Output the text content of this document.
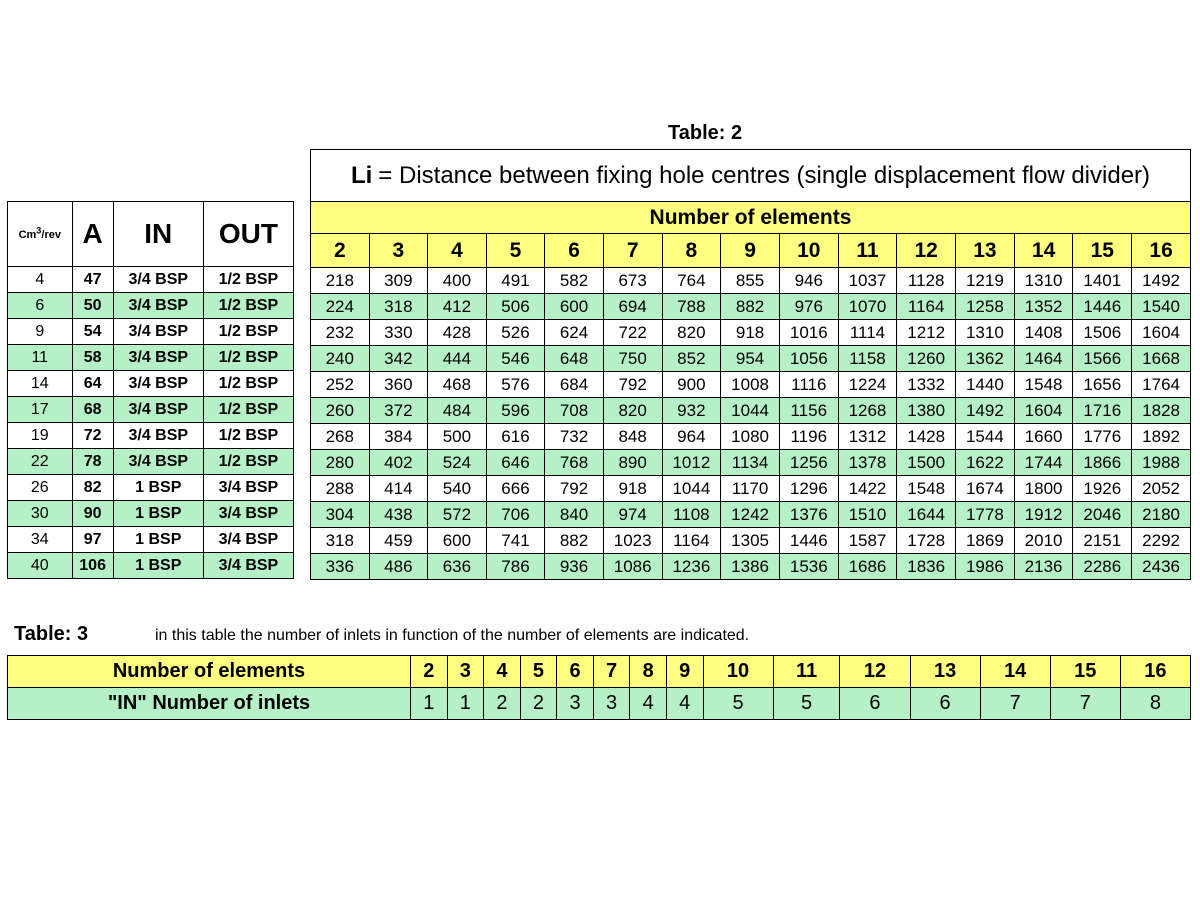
Cm$^3$/rev	A	IN	OUT
4	47	3/4 BSP	1/2 BSP
6	50	3/4 BSP	1/2 BSP
9	54	3/4 BSP	1/2 BSP
11	58	3/4 BSP	1/2 BSP
14	64	3/4 BSP	1/2 BSP
17	68	3/4 BSP	1/2 BSP
19	72	3/4 BSP	1/2 BSP
22	78	3/4 BSP	1/2 BSP
26	82	1 BSP	3/4 BSP
30	90	1 BSP	3/4 BSP
34	97	1 BSP	3/4 BSP
40	106	1 BSP	3/4 BSP
Table: 2
Li = Distance between fixing hole centres (single displacement flow divider)
Number of elements														
2	3	4	5	6	7	8	9	10	11	12	13	14	15	16
218	309	400	491	582	673	764	855	946	1037	1128	1219	1310	1401	1492
224	318	412	506	600	694	788	882	976	1070	1164	1258	1352	1446	1540
232	330	428	526	624	722	820	918	1016	1114	1212	1310	1408	1506	1604
240	342	444	546	648	750	852	954	1056	1158	1260	1362	1464	1566	1668
252	360	468	576	684	792	900	1008	1116	1224	1332	1440	1548	1656	1764
260	372	484	596	708	820	932	1044	1156	1268	1380	1492	1604	1716	1828
268	384	500	616	732	848	964	1080	1196	1312	1428	1544	1660	1776	1892
280	402	524	646	768	890	1012	1134	1256	1378	1500	1622	1744	1866	1988
288	414	540	666	792	918	1044	1170	1296	1422	1548	1674	1800	1926	2052
304	438	572	706	840	974	1108	1242	1376	1510	1644	1778	1912	2046	2180
318	459	600	741	882	1023	1164	1305	1446	1587	1728	1869	2010	2151	2292
336	486	636	786	936	1086	1236	1386	1536	1686	1836	1986	2136	2286	2436
Table: 3	in this table the number of inlets in function of the number of elements are indicated.
Number of elements	2	3	4	5	6	7	8	9	10	11	12	13	14	15	16
"IN" Number of inlets	1	1	2	2	3	3	4	4	5	5	6	6	7	7	8
